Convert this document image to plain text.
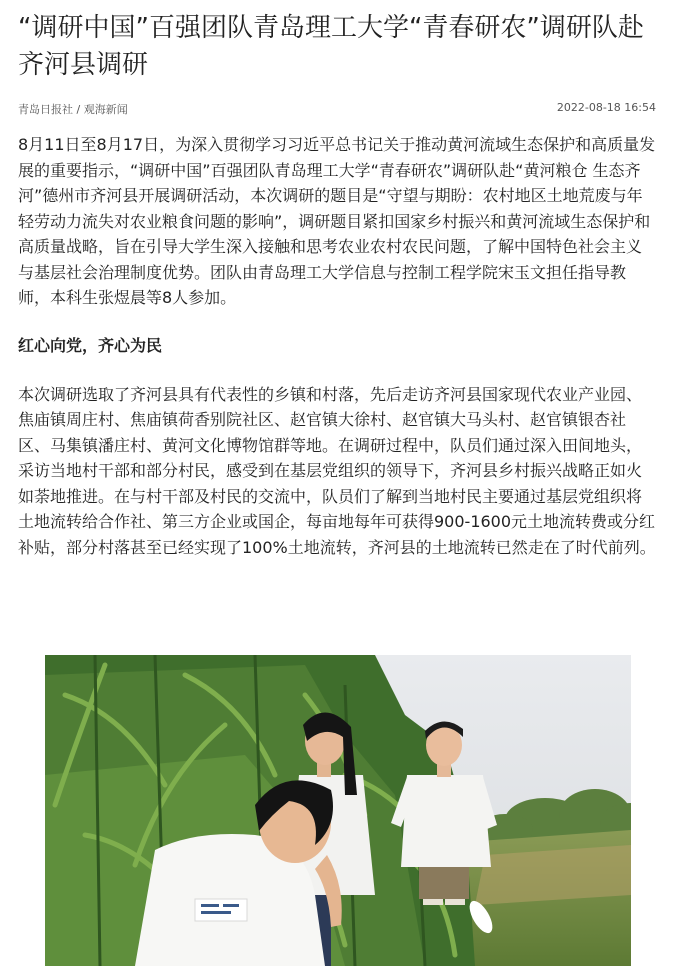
“调研中国”百强团队青岛理工大学“青春研农”调研队赴齐河县调研
青岛日报社 / 观海新闻	2022-08-18 16:54

8月11日至8月17日，为深入贯彻学习习近平总书记关于推动黄河流域生态保护和高质量发展的重要指示，“调研中国”百强团队青岛理工大学“青春研农”调研队赴“黄河粮仓 生态齐河”德州市齐河县开展调研活动，本次调研的题目是“守望与期盼：农村地区土地荒废与年轻劳动力流失对农业粮食问题的影响”，调研题目紧扣国家乡村振兴和黄河流域生态保护和高质量战略，旨在引导大学生深入接触和思考农业农村农民问题，了解中国特色社会主义与基层社会治理制度优势。团队由青岛理工大学信息与控制工程学院宋玉文担任指导教师，本科生张煜晨等8人参加。

红心向党，齐心为民

本次调研选取了齐河县具有代表性的乡镇和村落，先后走访齐河县国家现代农业产业园、焦庙镇周庄村、焦庙镇荷香别院社区、赵官镇大徐村、赵官镇大马头村、赵官镇银杏社区、马集镇潘庄村、黄河文化博物馆群等地。在调研过程中，队员们通过深入田间地头，采访当地村干部和部分村民，感受到在基层党组织的领导下，齐河县乡村振兴战略正如火如荼地推进。在与村干部及村民的交流中，队员们了解到当地村民主要通过基层党组织将土地流转给合作社、第三方企业或国企，每亩地每年可获得900-1600元土地流转费或分红补贴，部分村落甚至已经实现了100%土地流转，齐河县的土地流转已然走在了时代前列。
